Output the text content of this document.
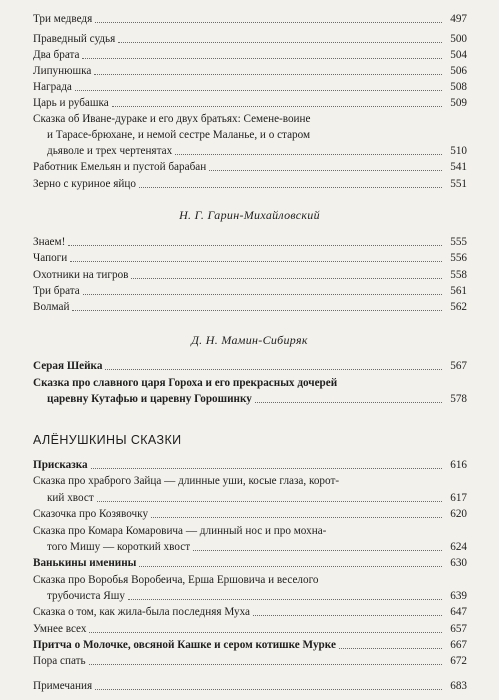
Три медведя	497
Праведный судья	500
Два брата	504
Липунюшка	506
Награда	508
Царь и рубашка	509
Сказка об Иване-дураке и его двух братьях: Семене-воине
и Тарасе-брюхане, и немой сестре Маланье, и о старом
дьяволе и трех чертенятах	510
Работник Емельян и пустой барабан	541
Зерно с куриное яйцо	551
Н. Г. Гарин-Михайловский
Знаем!	555
Чапоги	556
Охотники на тигров	558
Три брата	561
Волмай	562
Д. Н. Мамин-Сибиряк
Серая Шейка	567
Сказка про славного царя Гороха и его прекрасных дочерей
царевну Кутафью и царевну Горошинку	578
АЛЁНУШКИНЫ СКАЗКИ
Присказка	616
Сказка про храброго Зайца — длинные уши, косые глаза, корот-
кий хвост	617
Сказочка про Козявочку	620
Сказка про Комара Комаровича — длинный нос и про мохна-
того Мишу — короткий хвост	624
Ванькины именины	630
Сказка про Воробья Воробеича, Ерша Ершовича и веселого
трубочиста Яшу	639
Сказка о том, как жила-была последняя Муха	647
Умнее всех	657
Притча о Молочке, овсяной Кашке и сером котишке Мурке	667
Пора спать	672
Примечания	683
